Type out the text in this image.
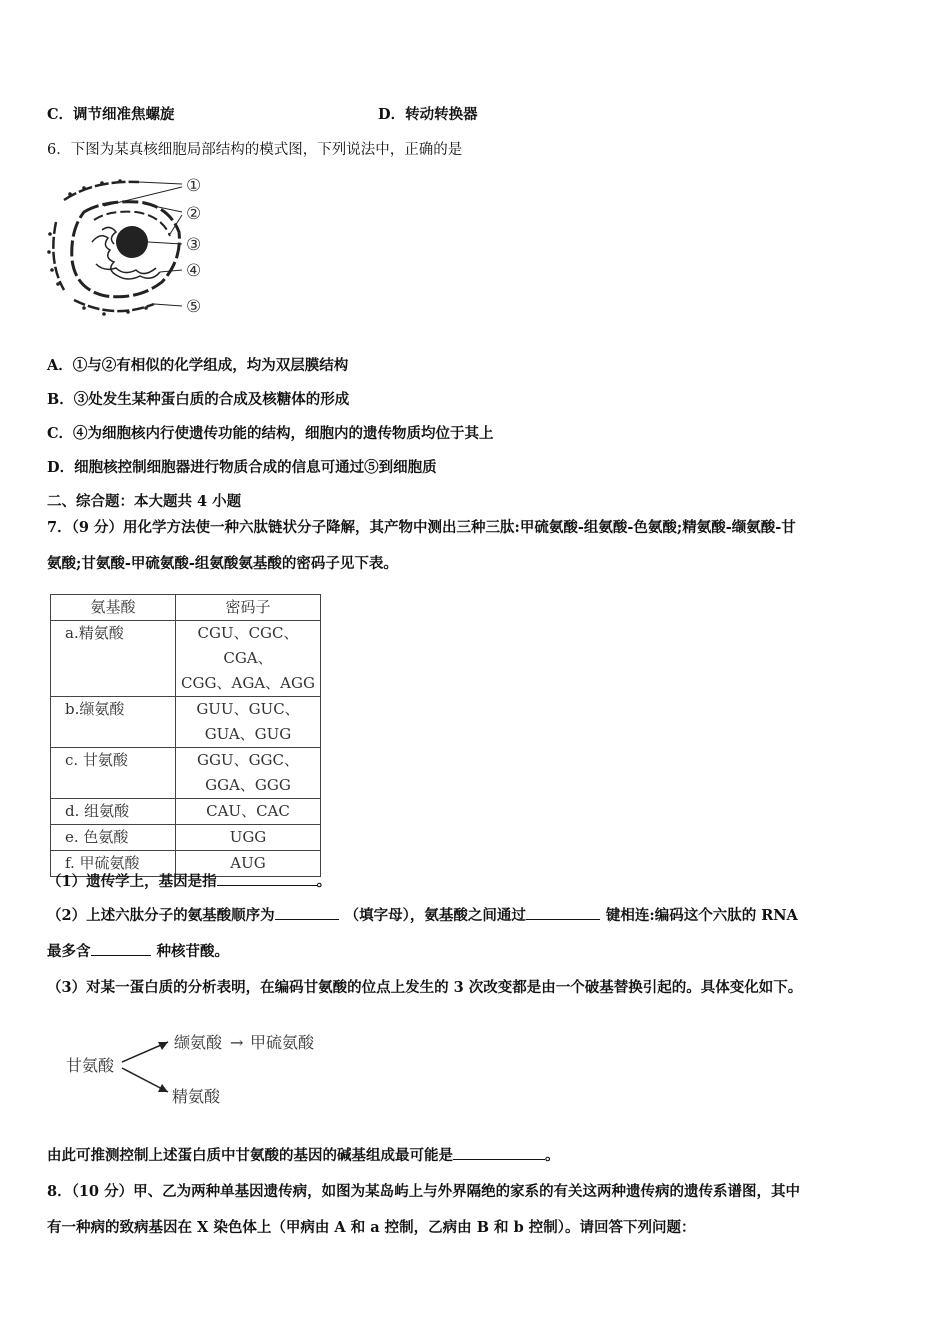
C．调节细准焦螺旋	D．转动转换器
6．下图为某真核细胞局部结构的模式图，下列说法中，正确的是
①
②
③
④
⑤
A．①与②有相似的化学组成，均为双层膜结构
B．③处发生某种蛋白质的合成及核糖体的形成
C．④为细胞核内行使遗传功能的结构，细胞内的遗传物质均位于其上
D．细胞核控制细胞器进行物质合成的信息可通过⑤到细胞质
二、综合题：本大题共 4 小题
7．（9 分）用化学方法使一种六肽链状分子降解，其产物中测出三种三肽:甲硫氨酸-组氨酸-色氨酸;精氨酸-缬氨酸-甘
氨酸;甘氨酸-甲硫氨酸-组氨酸氨基酸的密码子见下表。
氨基酸	密码子
a.精氨酸	CGU、CGC、CGA、
CGG、AGA、AGG

b.缬氨酸	GUU、GUC、
GUA、GUG

c. 甘氨酸	GGU、GGC、
GGA、GGG

d. 组氨酸	CAU、CAC
e. 色氨酸	UGG
f. 甲硫氨酸	AUG
（1）遗传学上，基因是指	。
（2）上述六肽分子的氨基酸顺序为	（填字母），氨基酸之间通过	键相连:编码这个六肽的 RNA
最多含	种核苷酸。
（3）对某一蛋白质的分析表明，在编码甘氨酸的位点上发生的 3 次改变都是由一个破基替换引起的。具体变化如下。
甘氨酸
缬氨酸 → 甲硫氨酸
精氨酸
由此可推测控制上述蛋白质中甘氨酸的基因的碱基组成最可能是	。
8．（10 分）甲、乙为两种单基因遗传病，如图为某岛屿上与外界隔绝的家系的有关这两种遗传病的遗传系谱图，其中
有一种病的致病基因在 X 染色体上（甲病由 A 和 a 控制，乙病由 B 和 b 控制）。请回答下列问题：
